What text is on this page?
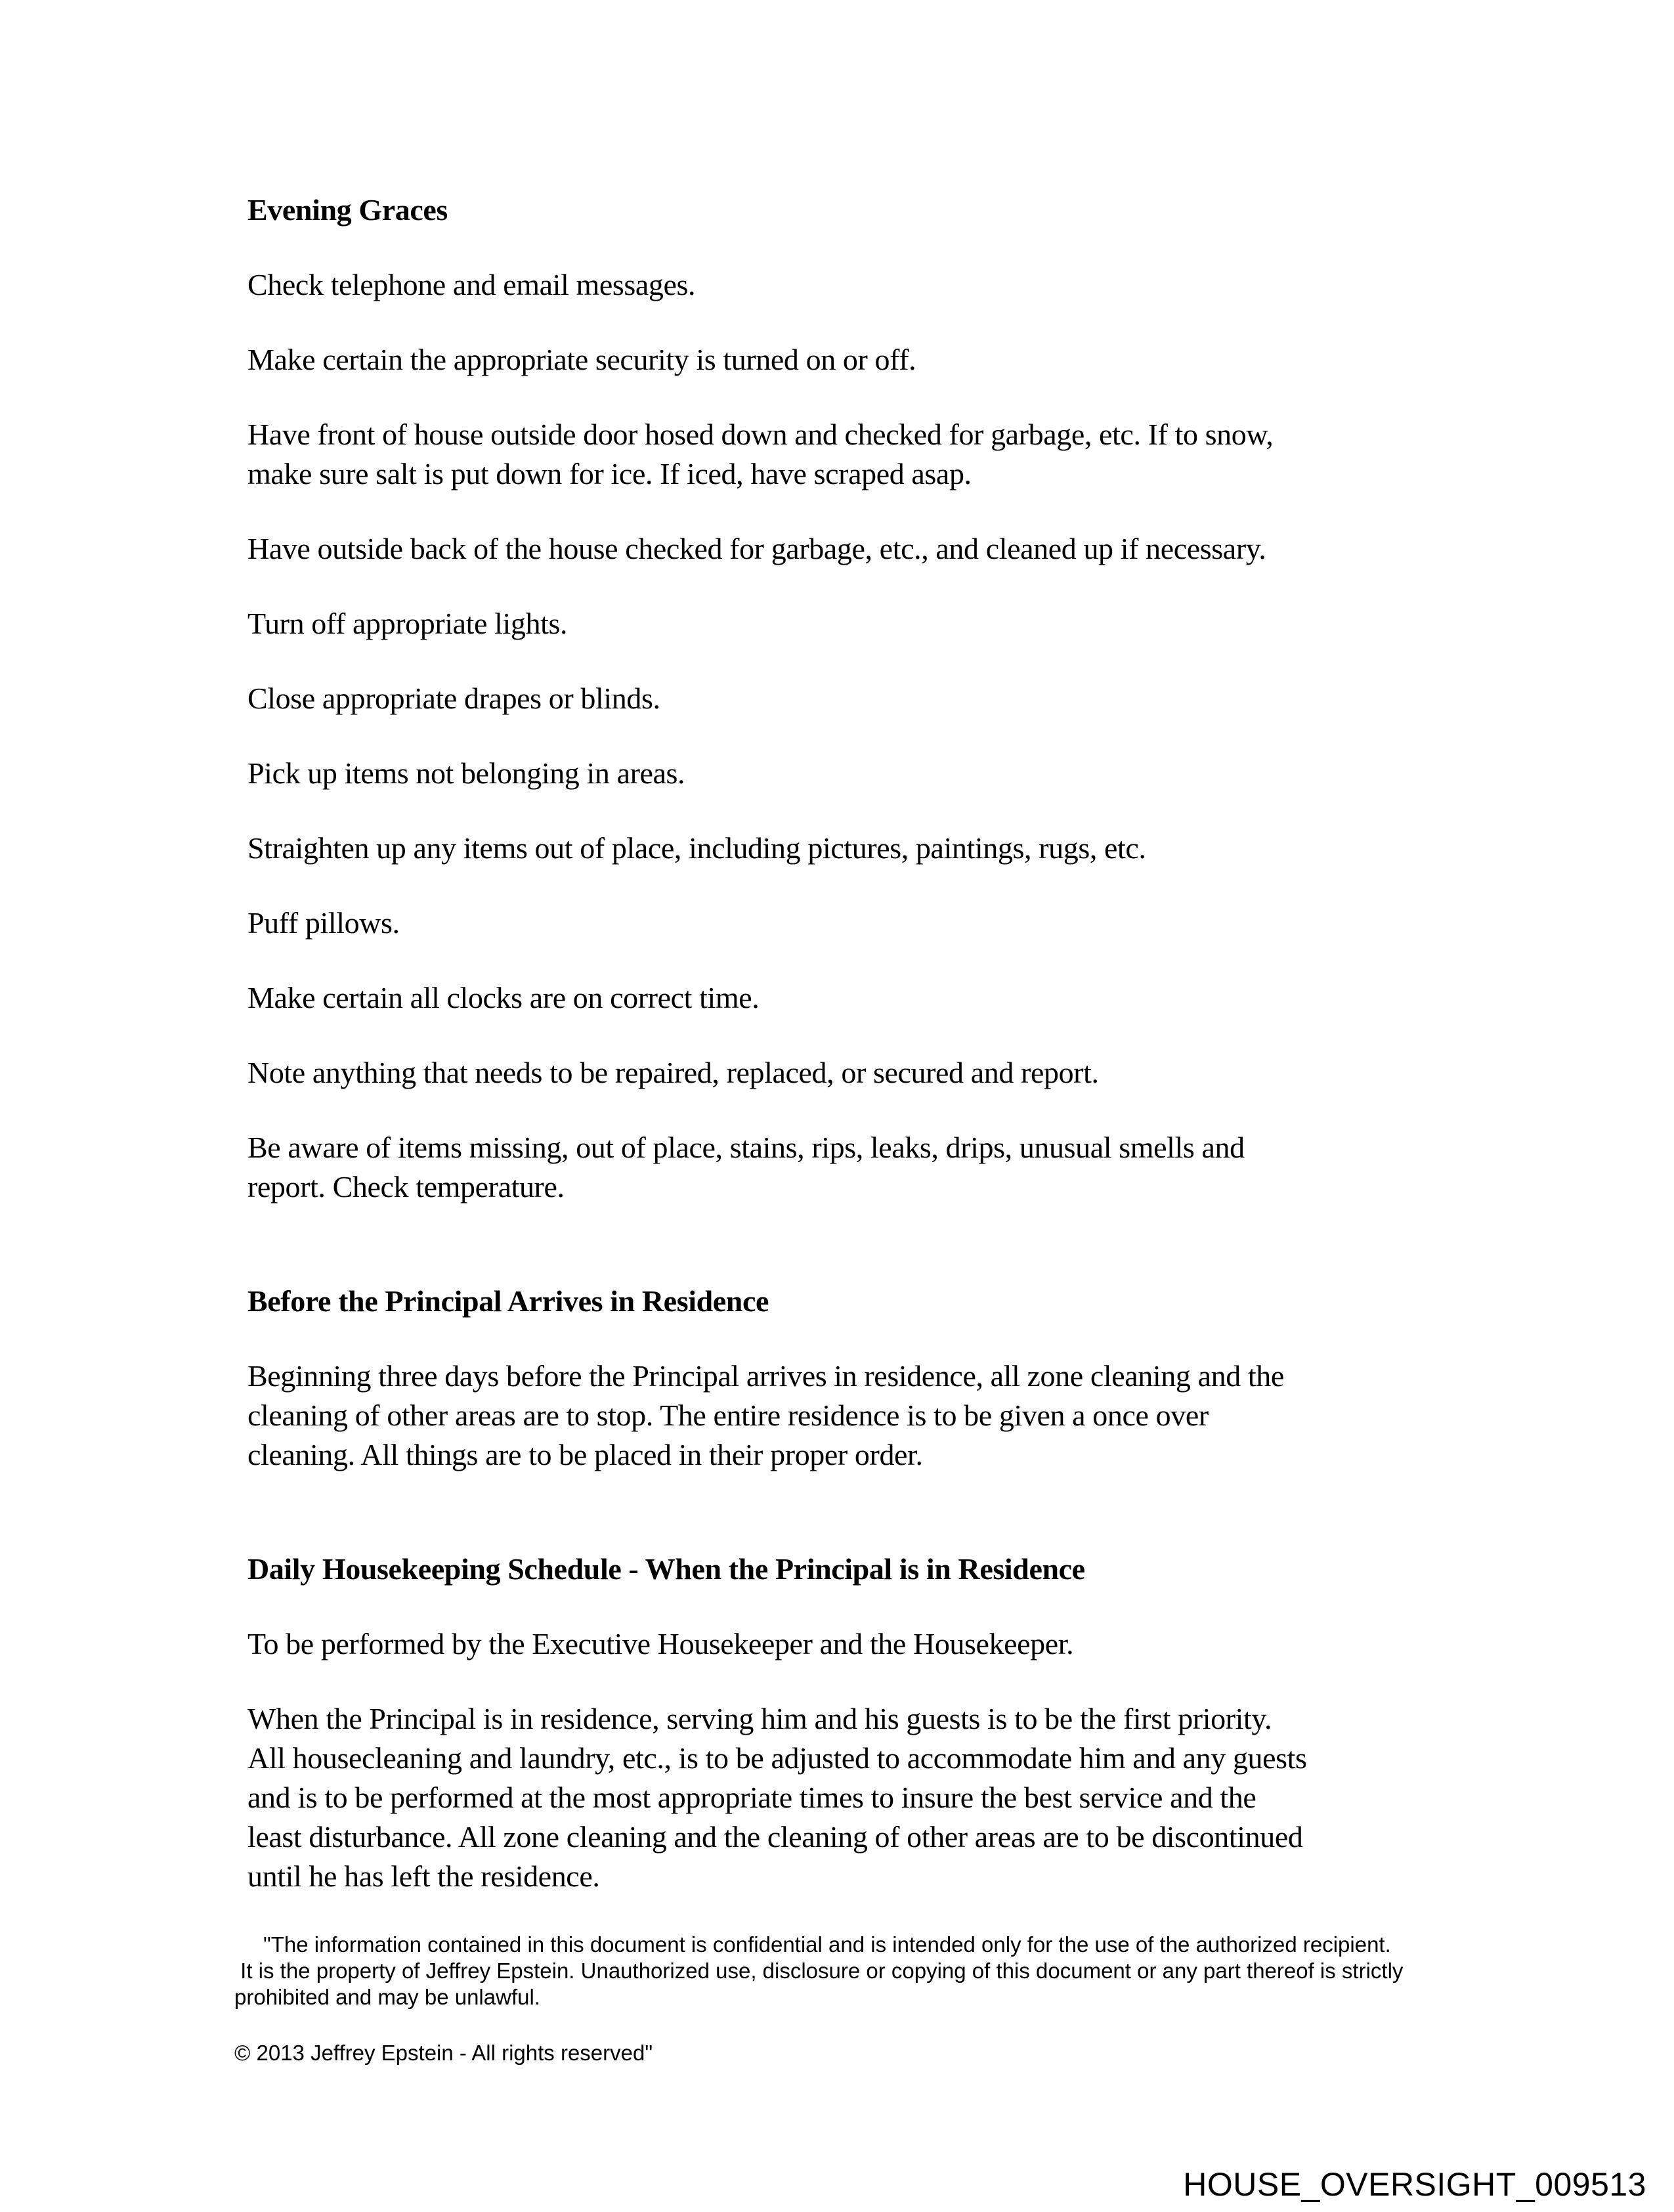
Evening Graces

Check telephone and email messages.

Make certain the appropriate security is turned on or off.

Have front of house outside door hosed down and checked for garbage, etc. If to snow,
make sure salt is put down for ice. If iced, have scraped asap.

Have outside back of the house checked for garbage, etc., and cleaned up if necessary.

Turn off appropriate lights.

Close appropriate drapes or blinds.

Pick up items not belonging in areas.

Straighten up any items out of place, including pictures, paintings, rugs, etc.

Puff pillows.

Make certain all clocks are on correct time.

Note anything that needs to be repaired, replaced, or secured and report.

Be aware of items missing, out of place, stains, rips, leaks, drips, unusual smells and
report. Check temperature.

Before the Principal Arrives in Residence

Beginning three days before the Principal arrives in residence, all zone cleaning and the
cleaning of other areas are to stop. The entire residence is to be given a once over
cleaning. All things are to be placed in their proper order.

Daily Housekeeping Schedule - When the Principal is in Residence

To be performed by the Executive Housekeeper and the Housekeeper.

When the Principal is in residence, serving him and his guests is to be the first priority.
All housecleaning and laundry, etc., is to be adjusted to accommodate him and any guests
and is to be performed at the most appropriate times to insure the best service and the
least disturbance. All zone cleaning and the cleaning of other areas are to be discontinued
until he has left the residence.

"The information contained in this document is confidential and is intended only for the use of the authorized recipient.
It is the property of Jeffrey Epstein. Unauthorized use, disclosure or copying of this document or any part thereof is strictly
prohibited and may be unlawful.

© 2013 Jeffrey Epstein - All rights reserved"

HOUSE_OVERSIGHT_009513
